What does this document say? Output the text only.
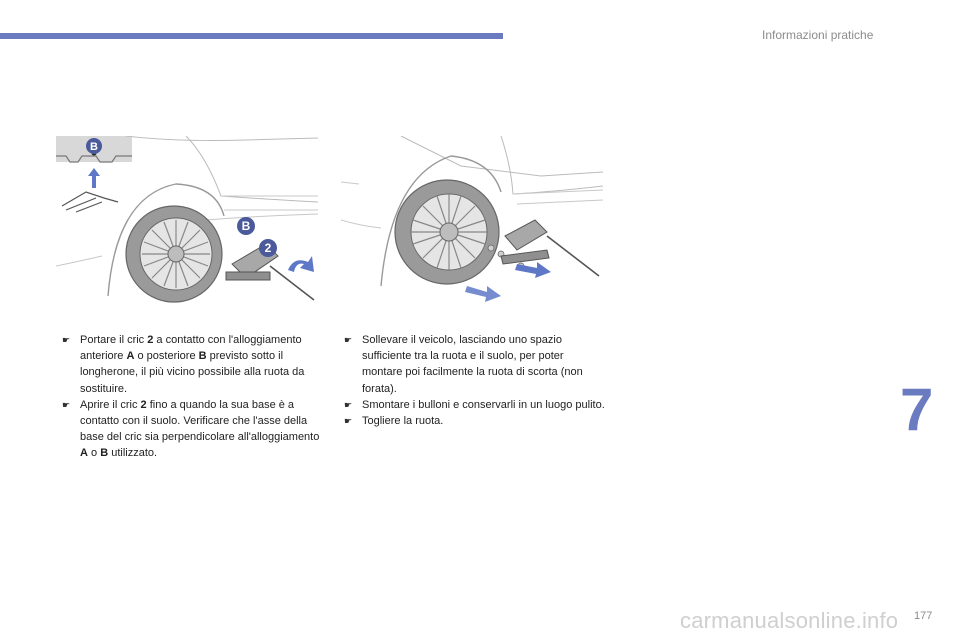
Informazioni pratiche
B
B
2

☛ Portare il cric 2 a contatto con l'alloggiamento anteriore A o posteriore B previsto sotto il longherone, il più vicino possibile alla ruota da sostituire.

☛ Aprire il cric 2 fino a quando la sua base è a contatto con il suolo. Verificare che l'asse della base del cric sia perpendicolare all'alloggiamento A o B utilizzato.

☛ Sollevare il veicolo, lasciando uno spazio sufficiente tra la ruota e il suolo, per poter montare poi facilmente la ruota di scorta (non forata).

☛ Smontare i bulloni e conservarli in un luogo pulito.

☛ Togliere la ruota.	7
carmanualsonline.info 177
